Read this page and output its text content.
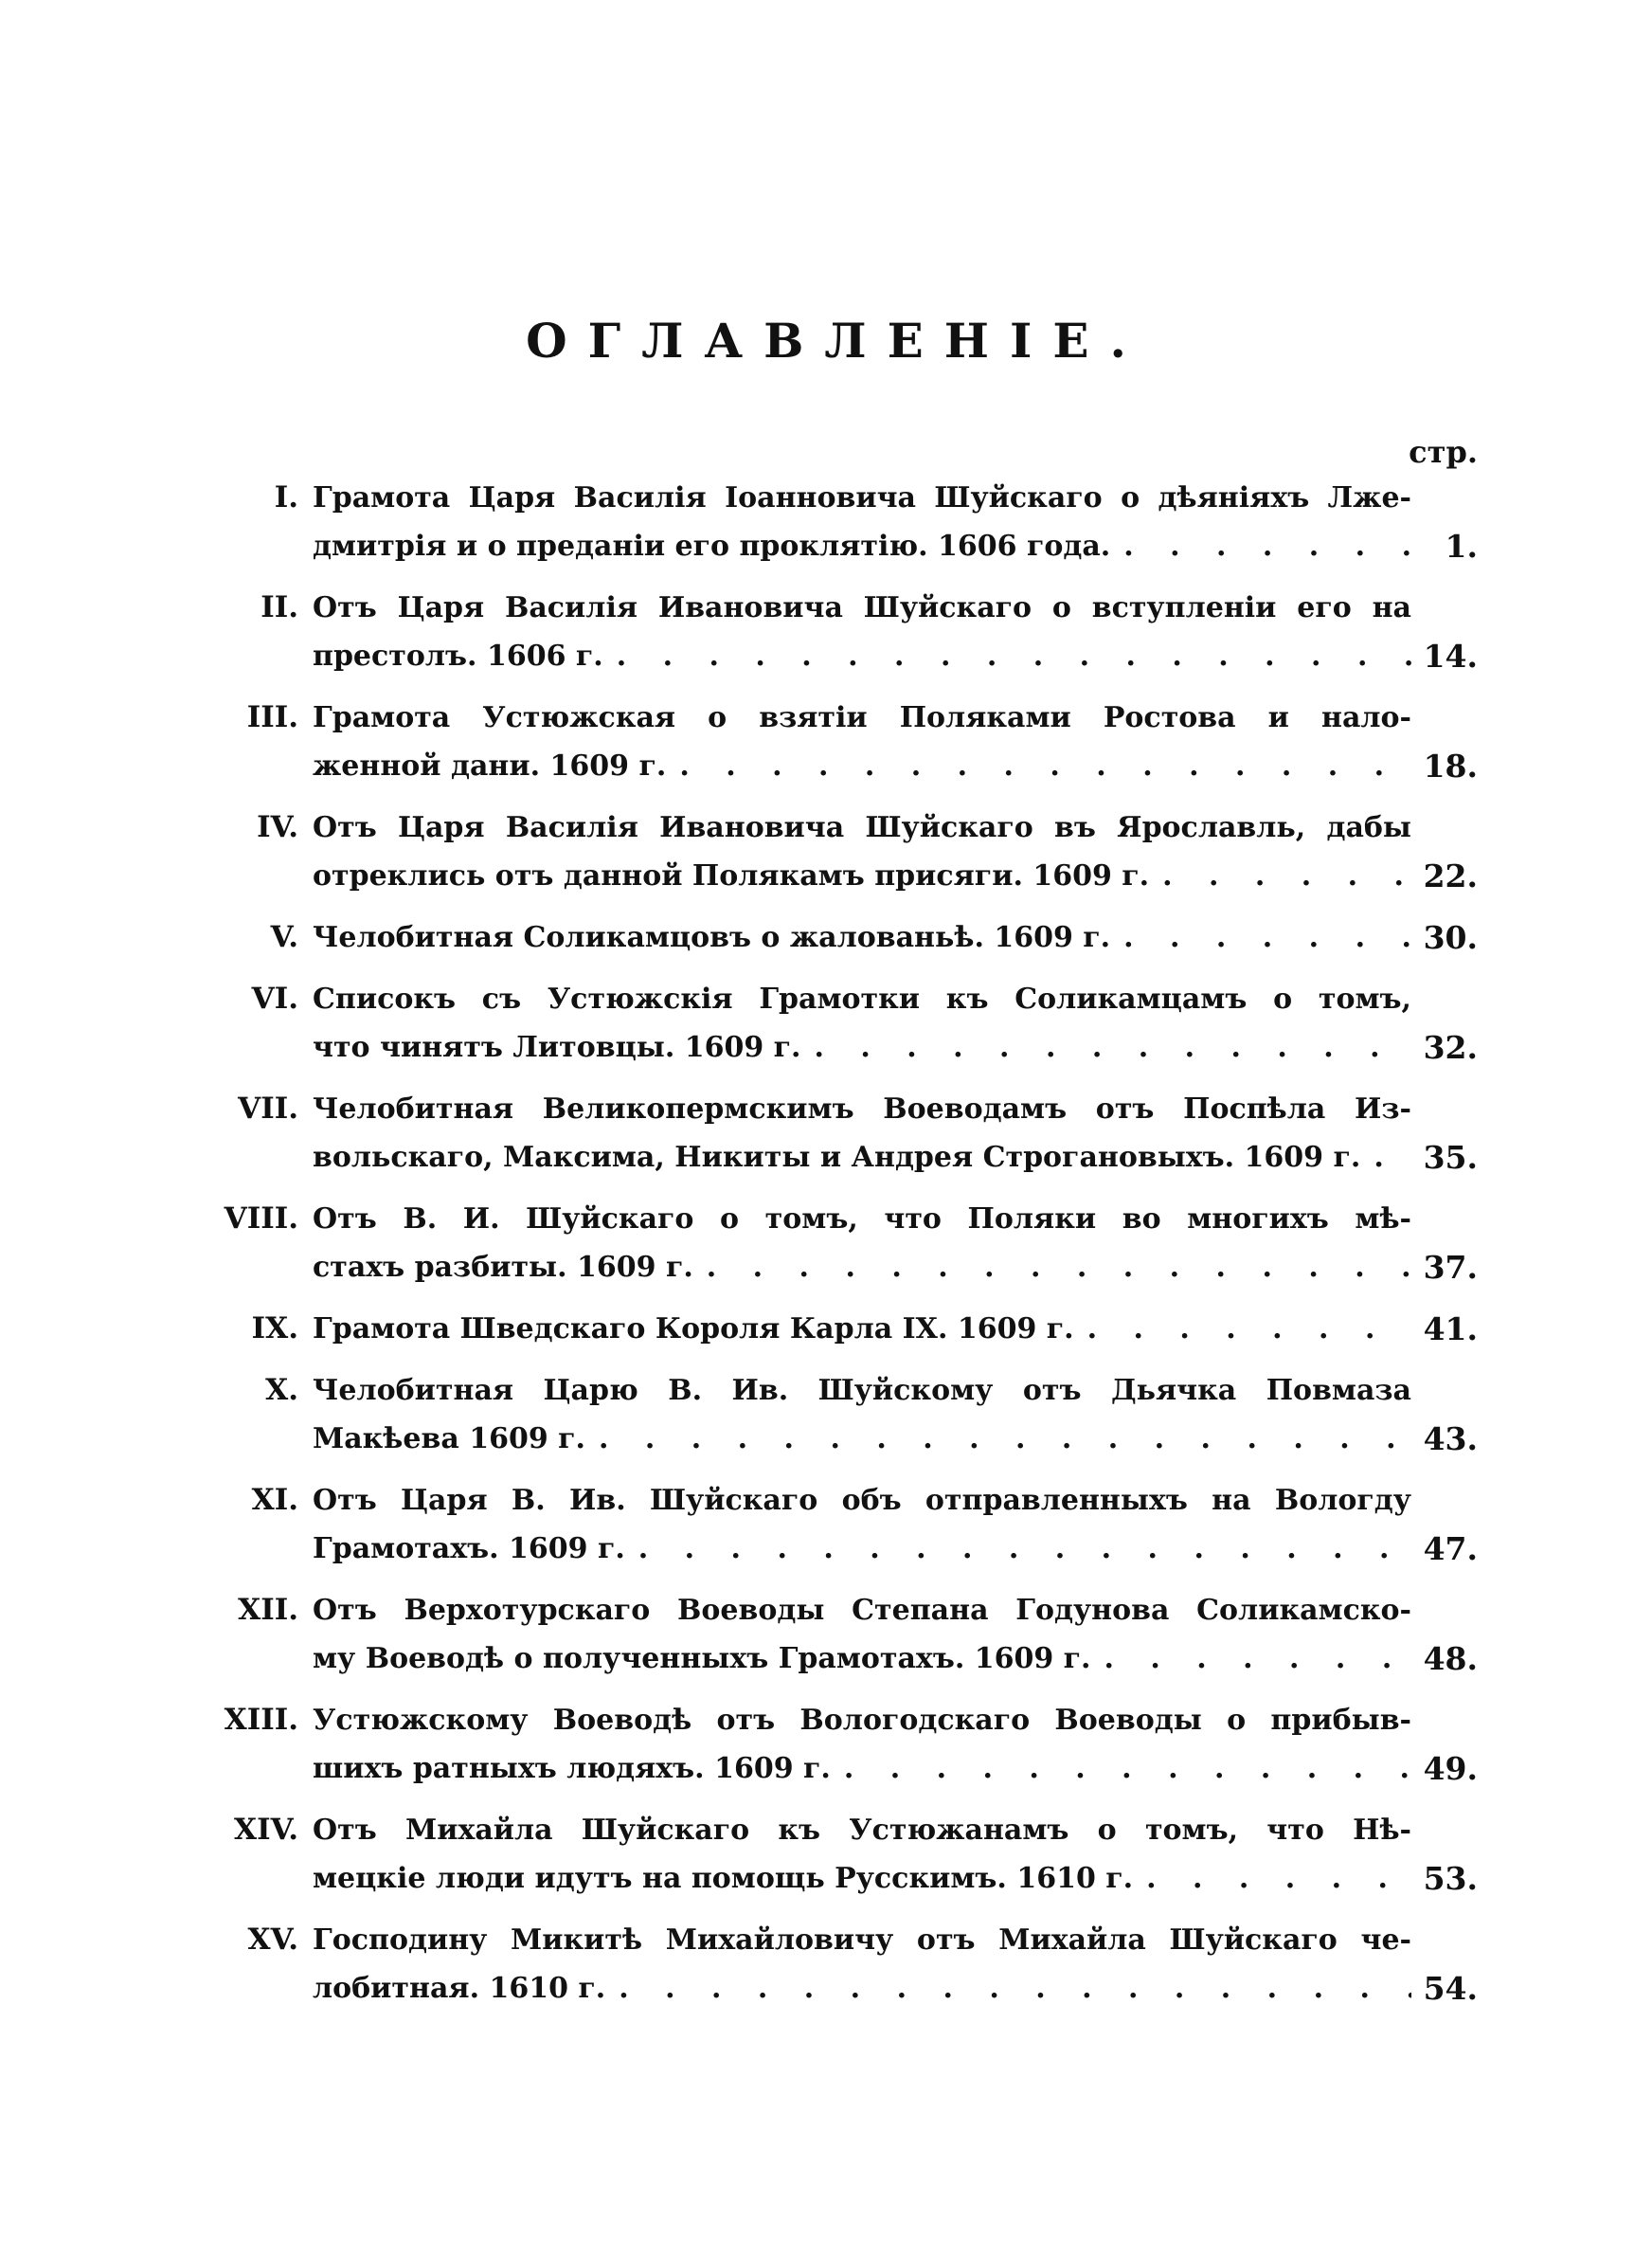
ОГЛАВЛЕНIЕ.
стр.
I. Грамота Царя Василія Іоанновича Шуйскаго о дѣяніяхъ Лже-
дмитрія и о преданіи его проклятію. 1606 года. . . .	1.
II. Отъ Царя Василія Ивановича Шуйскаго о вступленіи его на
престолъ. 1606 г. . . .	14.
III. Грамота Устюжская о взятіи Поляками Ростова и нало-
женной дани. 1609 г. . . .	18.
IV. Отъ Царя Василія Ивановича Шуйскаго въ Ярославль, дабы
отреклись отъ данной Полякамъ присяги. 1609 г. . . .	22.
V. Челобитная Соликамцовъ о жалованьѣ. 1609 г. . . .	30.
VI. Списокъ съ Устюжскія Грамотки къ Соликамцамъ о томъ,
что чинятъ Литовцы. 1609 г. . . .	32.
VII. Челобитная Великопермскимъ Воеводамъ отъ Поспѣла Из-
вольскаго, Максима, Никиты и Андрея Строгановыхъ. 1609 г. . . .	35.
VIII. Отъ В. И. Шуйскаго о томъ, что Поляки во многихъ мѣ-
стахъ разбиты. 1609 г. . . .	37.
IX. Грамота Шведскаго Короля Карла IX. 1609 г. . . .	41.
X. Челобитная Царю В. Ив. Шуйскому отъ Дьячка Повмаза
Макѣева 1609 г. . . .	43.
XI. Отъ Царя В. Ив. Шуйскаго объ отправленныхъ на Вологду
Грамотахъ. 1609 г. . . .	47.
XII. Отъ Верхотурскаго Воеводы Степана Годунова Соликамско-
му Воеводѣ о полученныхъ Грамотахъ. 1609 г. . . .	48.
XIII. Устюжскому Воеводѣ отъ Вологодскаго Воеводы о прибыв-
шихъ ратныхъ людяхъ. 1609 г. . . .	49.
XIV. Отъ Михайла Шуйскаго къ Устюжанамъ о томъ, что Нѣ-
мецкіе люди идутъ на помощь Русскимъ. 1610 г. . . .	53.
XV. Господину Микитѣ Михайловичу отъ Михайла Шуйскаго че-
лобитная. 1610 г. . . .	54.
